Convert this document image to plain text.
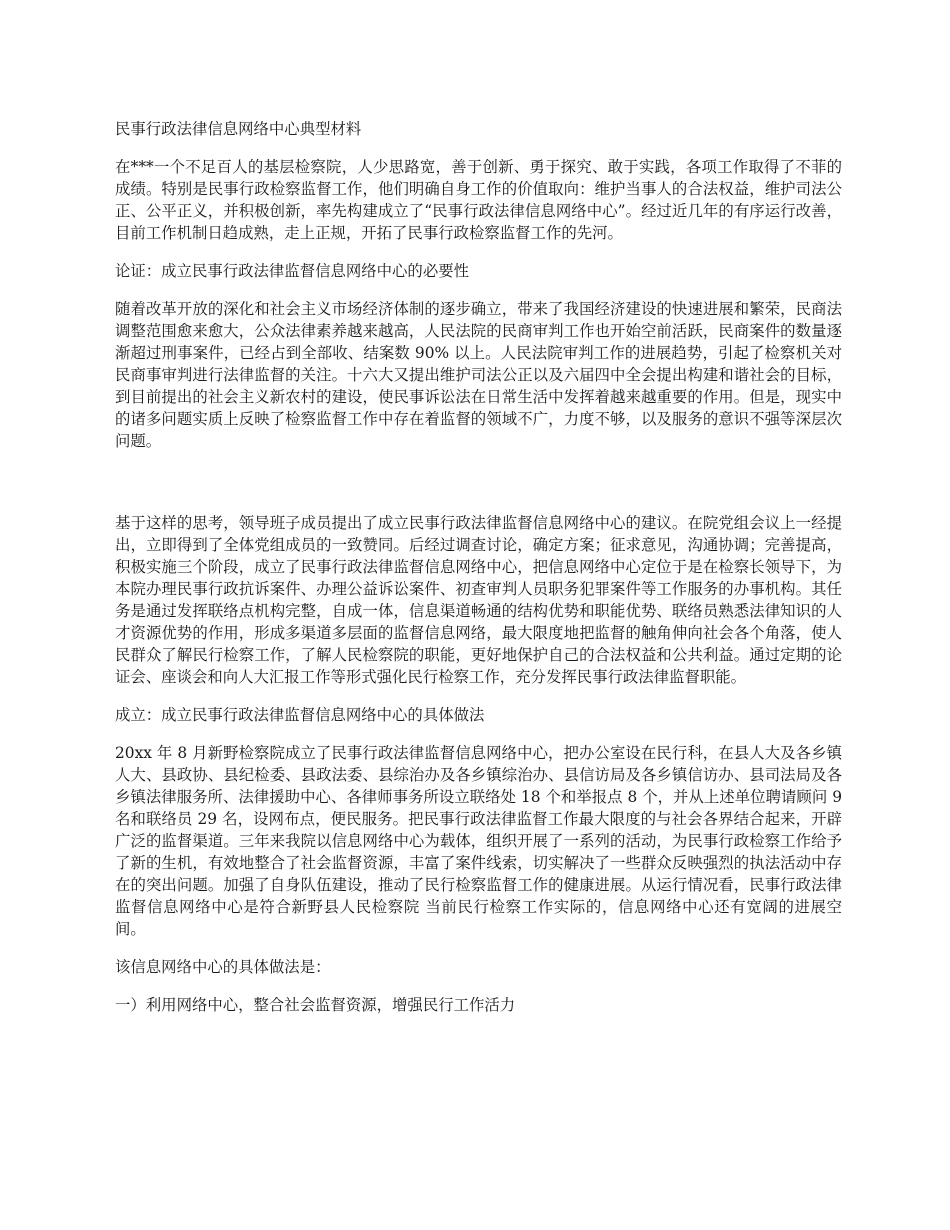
民事行政法律信息网络中心典型材料
在***一个不足百人的基层检察院，人少思路宽，善于创新、勇于探究、敢于实践，各项工作取得了不菲的成绩。特别是民事行政检察监督工作，他们明确自身工作的价值取向：维护当事人的合法权益，维护司法公正、公平正义，并积极创新，率先构建成立了“民事行政法律信息网络中心”。经过近几年的有序运行改善，目前工作机制日趋成熟，走上正规，开拓了民事行政检察监督工作的先河。
论证：成立民事行政法律监督信息网络中心的必要性
随着改革开放的深化和社会主义市场经济体制的逐步确立，带来了我国经济建设的快速进展和繁荣，民商法调整范围愈来愈大，公众法律素养越来越高，人民法院的民商审判工作也开始空前活跃，民商案件的数量逐渐超过刑事案件，已经占到全部收、结案数 90% 以上。人民法院审判工作的进展趋势，引起了检察机关对民商事审判进行法律监督的关注。十六大又提出维护司法公正以及六届四中全会提出构建和谐社会的目标，到目前提出的社会主义新农村的建设，使民事诉讼法在日常生活中发挥着越来越重要的作用。但是，现实中的诸多问题实质上反映了检察监督工作中存在着监督的领域不广，力度不够，以及服务的意识不强等深层次问题。
基于这样的思考，领导班子成员提出了成立民事行政法律监督信息网络中心的建议。在院党组会议上一经提出，立即得到了全体党组成员的一致赞同。后经过调查讨论，确定方案；征求意见，沟通协调；完善提高，积极实施三个阶段，成立了民事行政法律监督信息网络中心，把信息网络中心定位于是在检察长领导下，为本院办理民事行政抗诉案件、办理公益诉讼案件、初查审判人员职务犯罪案件等工作服务的办事机构。其任务是通过发挥联络点机构完整，自成一体，信息渠道畅通的结构优势和职能优势、联络员熟悉法律知识的人才资源优势的作用，形成多渠道多层面的监督信息网络，最大限度地把监督的触角伸向社会各个角落，使人民群众了解民行检察工作，了解人民检察院的职能，更好地保护自己的合法权益和公共利益。通过定期的论证会、座谈会和向人大汇报工作等形式强化民行检察工作，充分发挥民事行政法律监督职能。
成立：成立民事行政法律监督信息网络中心的具体做法
20xx 年 8 月新野检察院成立了民事行政法律监督信息网络中心，把办公室设在民行科，在县人大及各乡镇人大、县政协、县纪检委、县政法委、县综治办及各乡镇综治办、县信访局及各乡镇信访办、县司法局及各乡镇法律服务所、法律援助中心、各律师事务所设立联络处 18 个和举报点 8 个，并从上述单位聘请顾问 9 名和联络员 29 名，设网布点，便民服务。把民事行政法律监督工作最大限度的与社会各界结合起来，开辟广泛的监督渠道。三年来我院以信息网络中心为载体，组织开展了一系列的活动，为民事行政检察工作给予了新的生机，有效地整合了社会监督资源，丰富了案件线索，切实解决了一些群众反映强烈的执法活动中存在的突出问题。加强了自身队伍建设，推动了民行检察监督工作的健康进展。从运行情况看，民事行政法律监督信息网络中心是符合新野县人民检察院 当前民行检察工作实际的，信息网络中心还有宽阔的进展空间。
该信息网络中心的具体做法是：
一）利用网络中心，整合社会监督资源，增强民行工作活力
